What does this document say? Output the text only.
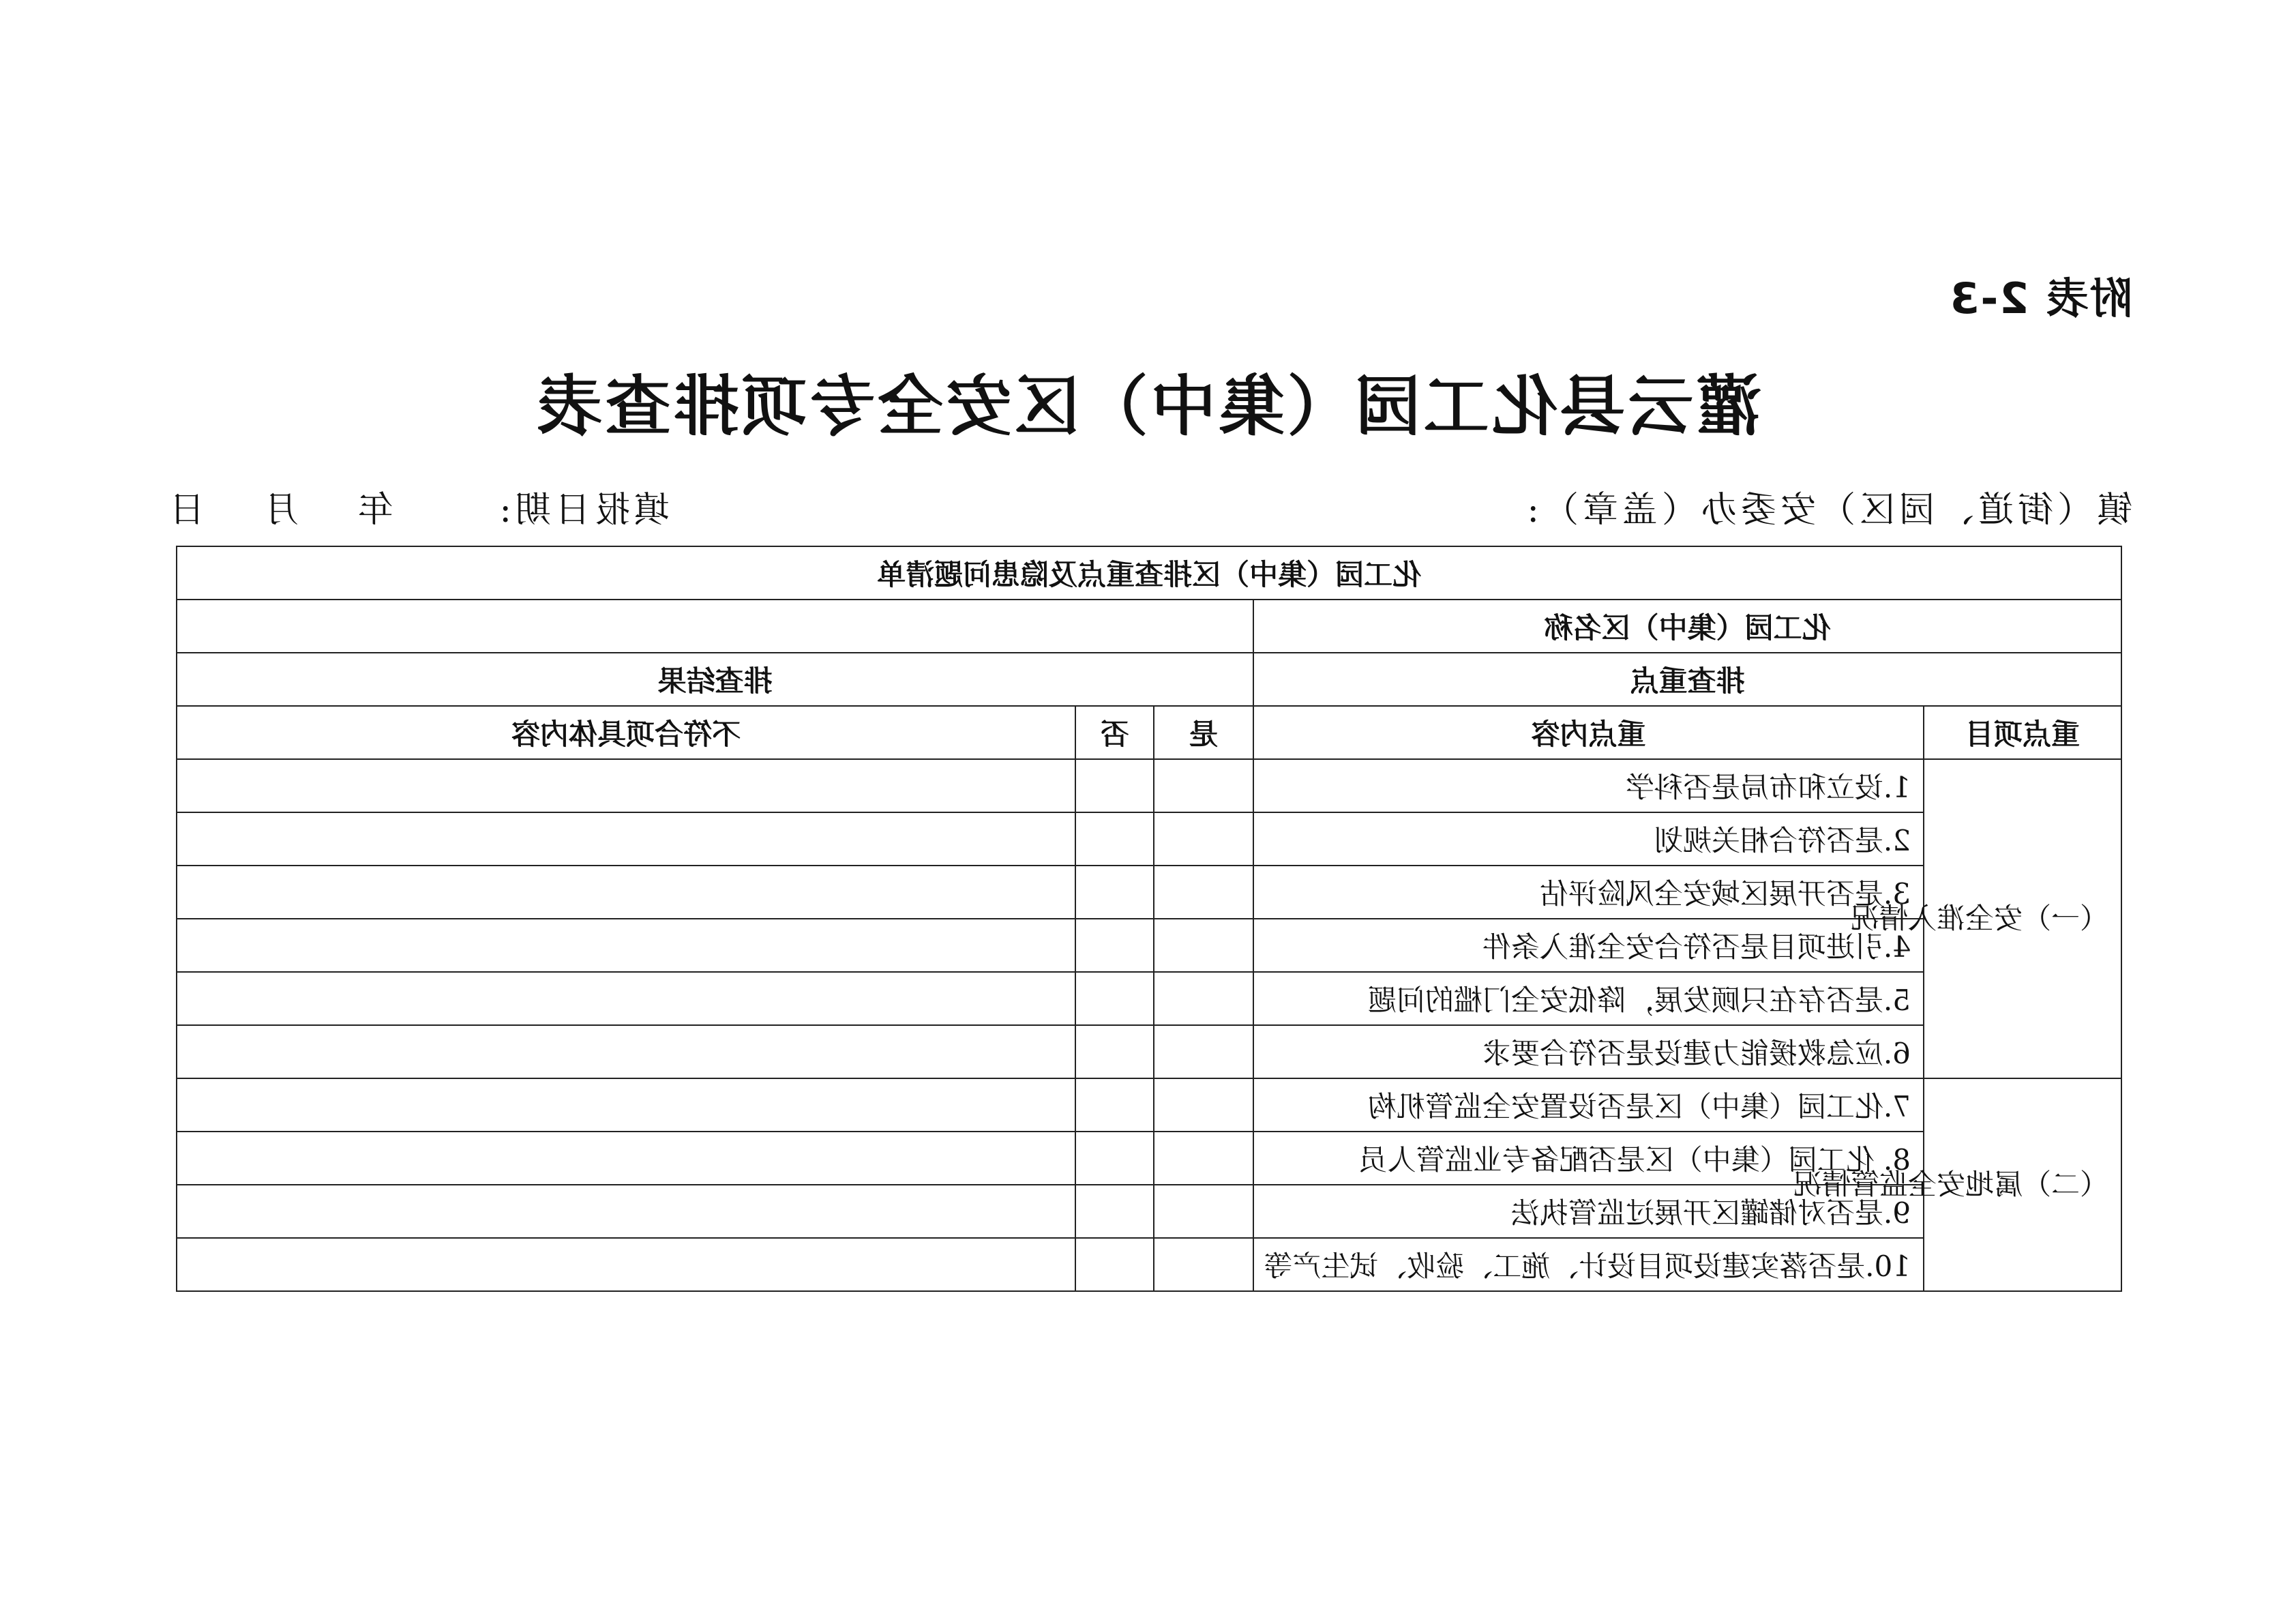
附表 2-3
灌云县化工园（集中）区安全专项排查表
镇（街道、园区）安委办（盖章）:
填报日期:年月日
化工园（集中）区排查重点及隐患问题清单				
化工园（集中）区名称				
排查重点		排查结果		
重点项目	重点内容	是	否	不符合项具体内容
（一）安全准入情况	1.设立和布局是否科学			
	2.是否符合相关规划			
	3.是否开展区域安全风险评估			
	4.引进项目是否符合安全准入条件			
	5.是否存在只顾发展，降低安全门槛的问题			
	6.应急救援能力建设是否符合要求			
（二）属地安全监管情况	7.化工园（集中）区是否设置安全监管机构			
	8. 化工园（集中）区是否配备专业监管人员			
	9.是否对储罐区开展过监管执法			
	10.是否落实建设项目设计、施工、验收、试生产等			
